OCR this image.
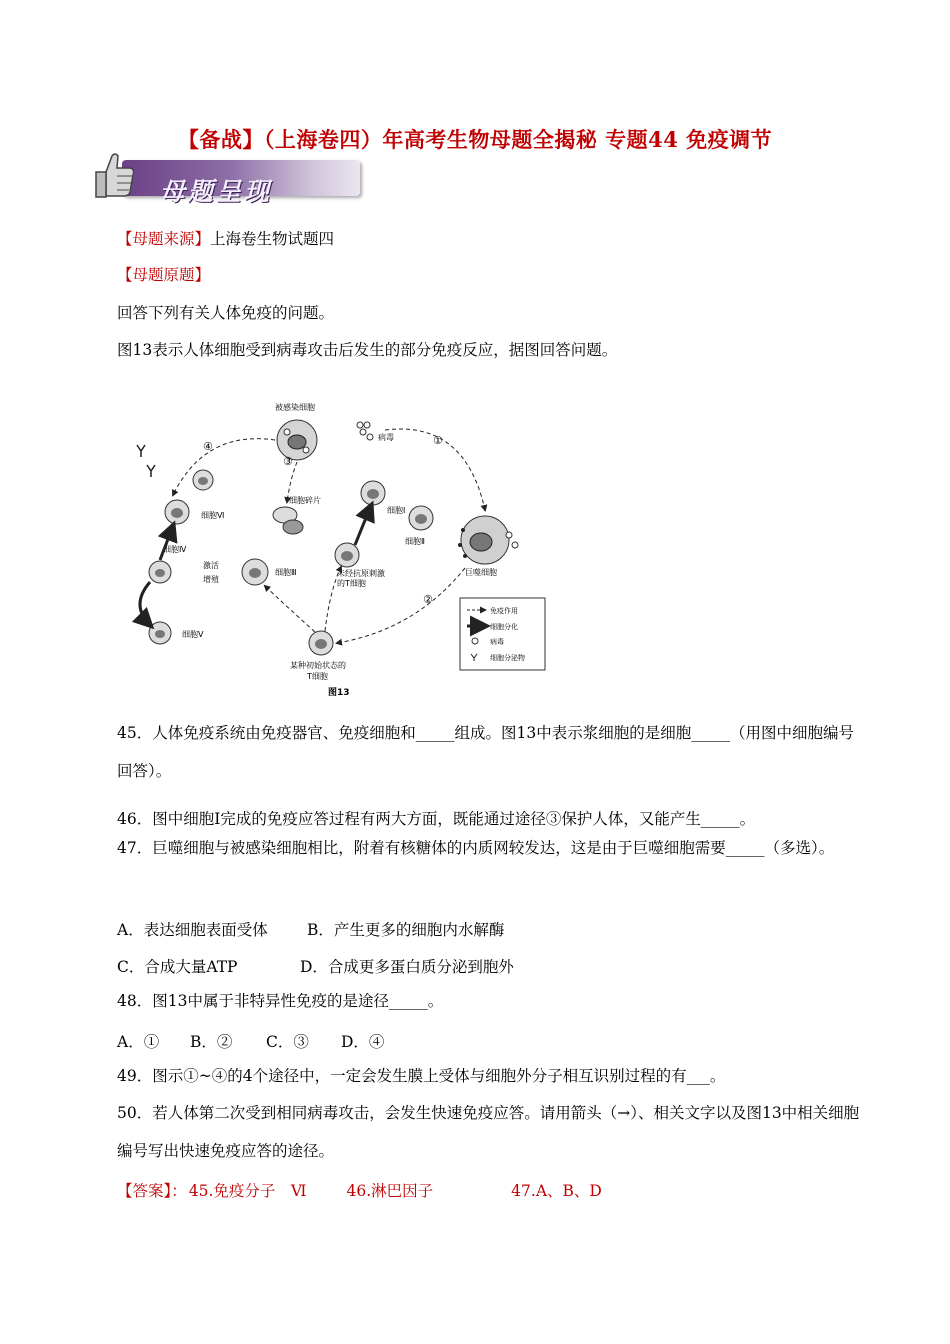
【备战】（上海卷四）年高考生物母题全揭秘 专题44 免疫调节
母题呈现
【母题来源】上海卷生物试题四
【母题原题】
回答下列有关人体免疫的问题。
图13表示人体细胞受到病毒攻击后发生的部分免疫反应，据图回答问题。
被感染细胞
病毒
巨噬细胞
细胞Ⅰ
细胞Ⅱ
未经抗原刺激
的T细胞
细胞碎片
细胞Ⅵ
细胞Ⅲ
细胞Ⅳ
激活
增殖
细胞Ⅴ
某种初始状态的
T细胞
①
②
③
④
免疫作用
细胞分化
病毒
细胞分泌物
图13
45．人体免疫系统由免疫器官、免疫细胞和_____组成。图13中表示浆细胞的是细胞_____（用图中细胞编号回答）。
46．图中细胞Ⅰ完成的免疫应答过程有两大方面，既能通过途径③保护人体，又能产生_____。
47．巨噬细胞与被感染细胞相比，附着有核糖体的内质网较发达，这是由于巨噬细胞需要_____（多选）。
A．表达细胞表面受体	B．产生更多的细胞内水解酶
C．合成大量ATP	D．合成更多蛋白质分泌到胞外
48．图13中属于非特异性免疫的是途径_____。
A．① B．② C．③ D．④
49．图示①~④的4个途径中，一定会发生膜上受体与细胞外分子相互识别过程的有___。
50．若人体第二次受到相同病毒攻击，会发生快速免疫应答。请用箭头（→）、相关文字以及图13中相关细胞编号写出快速免疫应答的途径。
【答案】： 45.免疫分子　Ⅵ	46.淋巴因子	47.A、B、D
